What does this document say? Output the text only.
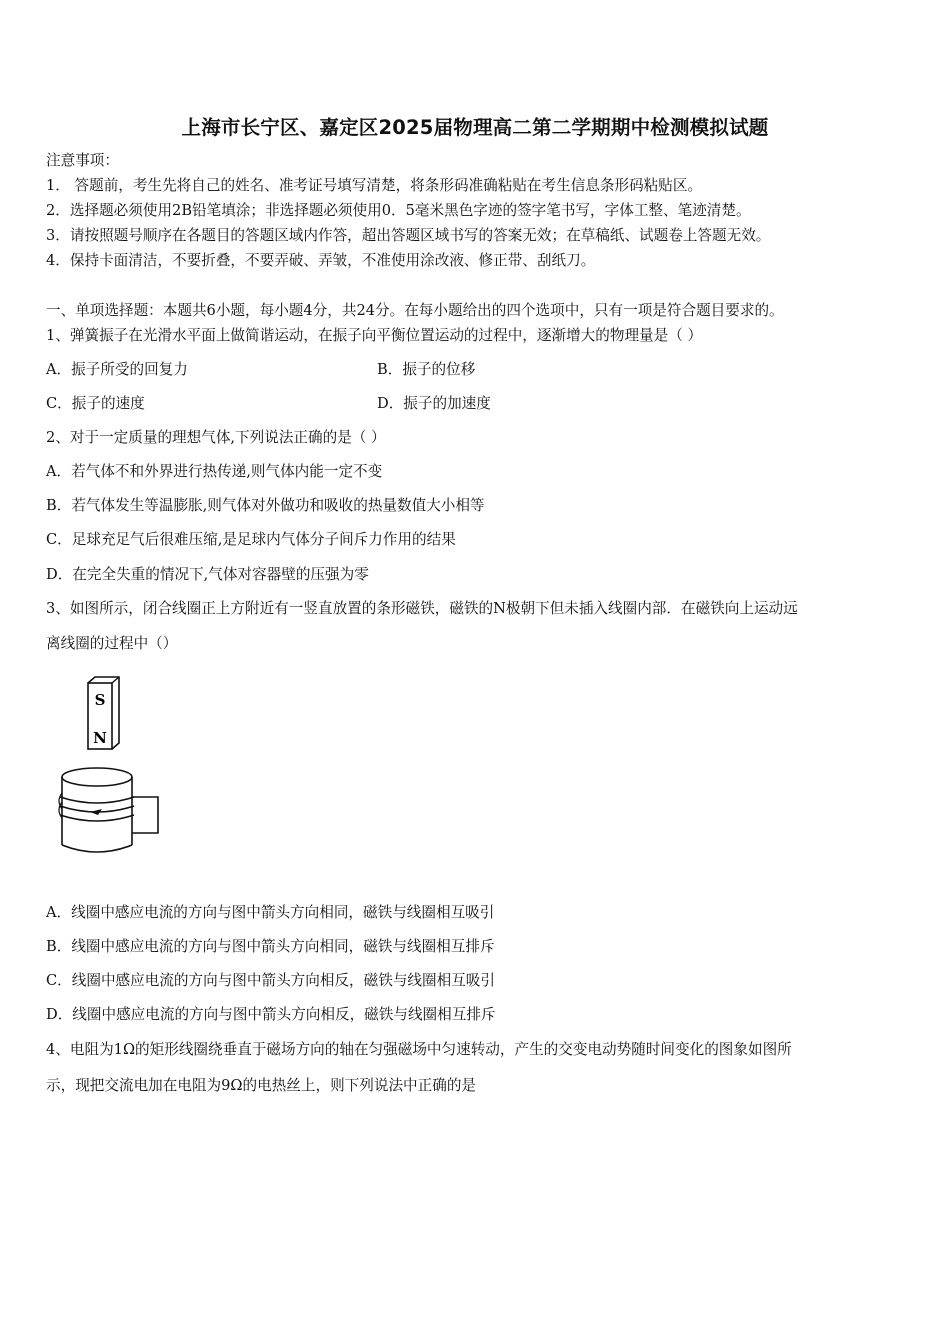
上海市长宁区、嘉定区2025届物理高二第二学期期中检测模拟试题
注意事项：
1． 答题前，考生先将自己的姓名、准考证号填写清楚，将条形码准确粘贴在考生信息条形码粘贴区。
2．选择题必须使用2B铅笔填涂；非选择题必须使用0．5毫米黑色字迹的签字笔书写，字体工整、笔迹清楚。
3．请按照题号顺序在各题目的答题区域内作答，超出答题区域书写的答案无效；在草稿纸、试题卷上答题无效。
4．保持卡面清洁，不要折叠，不要弄破、弄皱，不准使用涂改液、修正带、刮纸刀。
一、单项选择题：本题共6小题，每小题4分，共24分。在每小题给出的四个选项中，只有一项是符合题目要求的。
1、弹簧振子在光滑水平面上做简谐运动，在振子向平衡位置运动的过程中，逐渐增大的物理量是（ ）
A．振子所受的回复力	B．振子的位移
C．振子的速度	D．振子的加速度
2、对于一定质量的理想气体,下列说法正确的是（ ）
A．若气体不和外界进行热传递,则气体内能一定不变
B．若气体发生等温膨胀,则气体对外做功和吸收的热量数值大小相等
C．足球充足气后很难压缩,是足球内气体分子间斥力作用的结果
D．在完全失重的情况下,气体对容器壁的压强为零
3、如图所示，闭合线圈正上方附近有一竖直放置的条形磁铁，磁铁的N极朝下但未插入线圈内部．在磁铁向上运动远
离线圈的过程中（）
S
N
A．线圈中感应电流的方向与图中箭头方向相同，磁铁与线圈相互吸引
B．线圈中感应电流的方向与图中箭头方向相同，磁铁与线圈相互排斥
C．线圈中感应电流的方向与图中箭头方向相反，磁铁与线圈相互吸引
D．线圈中感应电流的方向与图中箭头方向相反，磁铁与线圈相互排斥
4、电阻为1Ω的矩形线圈绕垂直于磁场方向的轴在匀强磁场中匀速转动，产生的交变电动势随时间变化的图象如图所
示，现把交流电加在电阻为9Ω的电热丝上，则下列说法中正确的是
